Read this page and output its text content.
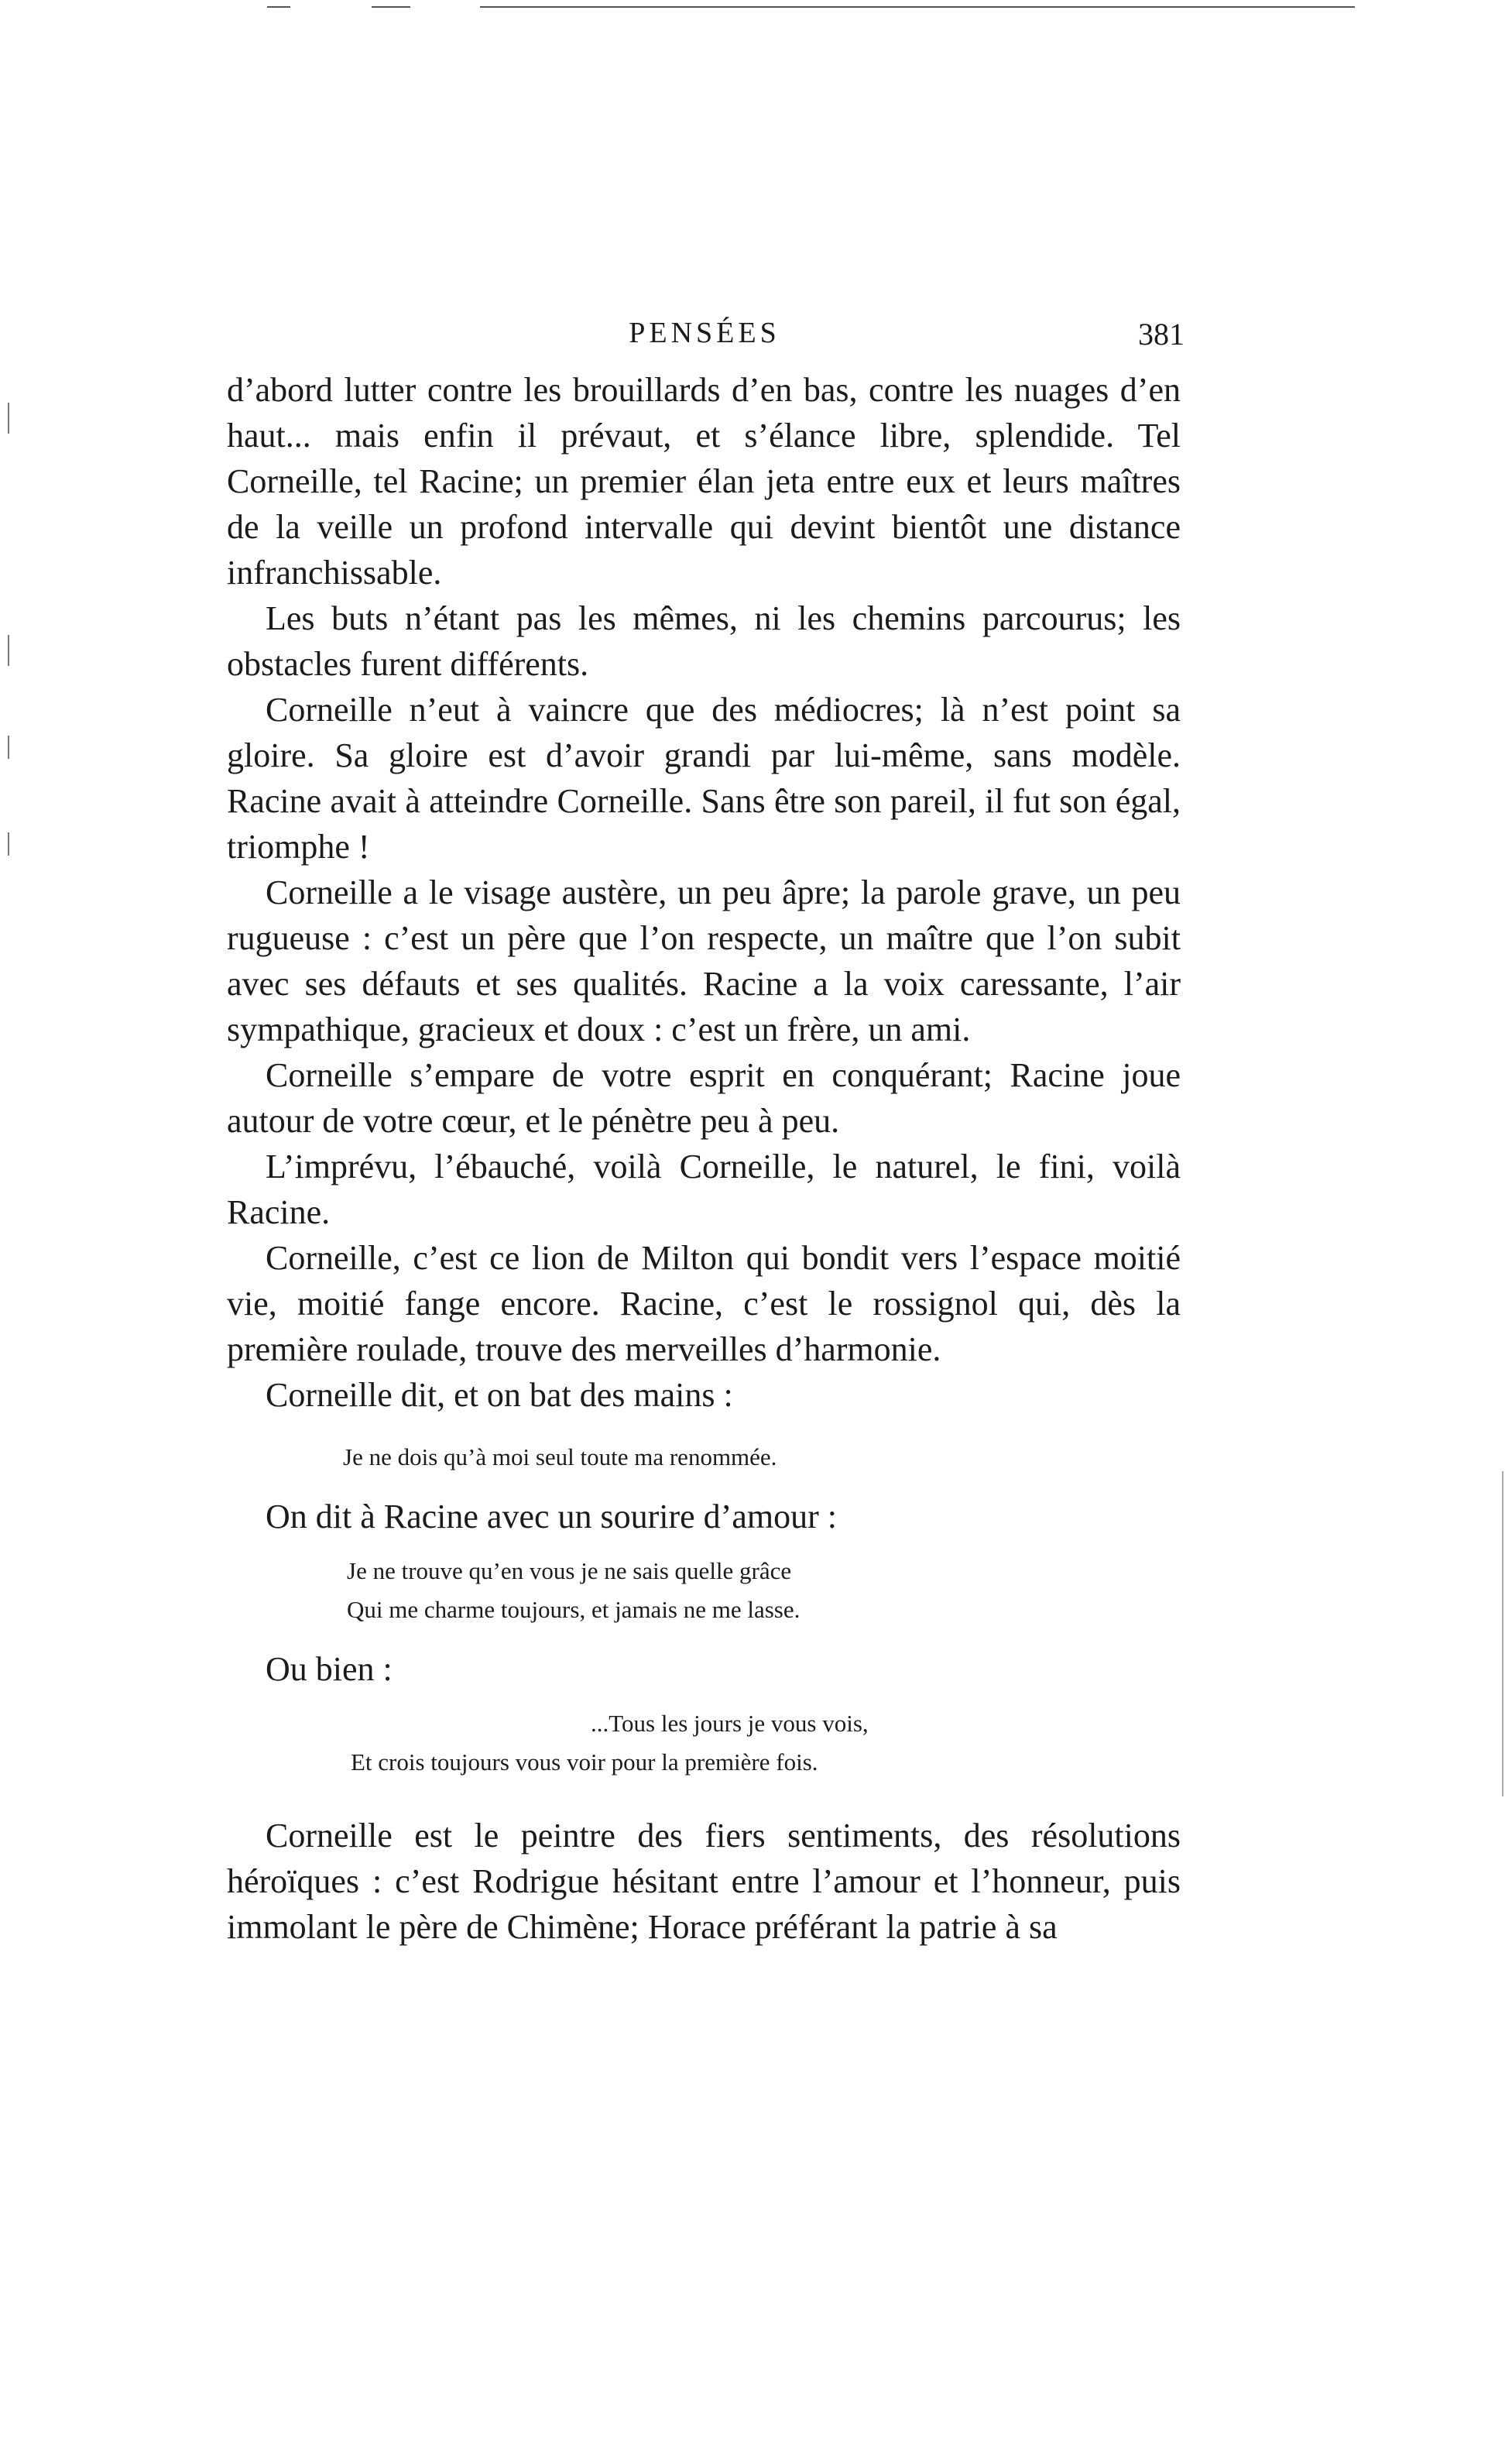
PENSÉES	381

d’abord lutter contre les brouillards d’en bas, contre les nuages d’en haut... mais enfin il prévaut, et s’élance libre, splendide. Tel Corneille, tel Racine; un premier élan jeta entre eux et leurs maîtres de la veille un profond intervalle qui devint bientôt une distance infranchissable.

Les buts n’étant pas les mêmes, ni les chemins parcourus; les obstacles furent différents.

Corneille n’eut à vaincre que des médiocres; là n’est point sa gloire. Sa gloire est d’avoir grandi par lui-même, sans modèle. Racine avait à atteindre Corneille. Sans être son pareil, il fut son égal, triomphe !

Corneille a le visage austère, un peu âpre; la parole grave, un peu rugueuse : c’est un père que l’on respecte, un maître que l’on subit avec ses défauts et ses qualités. Racine a la voix caressante, l’air sympathique, gracieux et doux : c’est un frère, un ami.

Corneille s’empare de votre esprit en conquérant; Racine joue autour de votre cœur, et le pénètre peu à peu.

L’imprévu, l’ébauché, voilà Corneille, le naturel, le fini, voilà Racine.

Corneille, c’est ce lion de Milton qui bondit vers l’espace moitié vie, moitié fange encore. Racine, c’est le rossignol qui, dès la première roulade, trouve des merveilles d’harmonie.

Corneille dit, et on bat des mains :

Je ne dois qu’à moi seul toute ma renommée.

On dit à Racine avec un sourire d’amour :

Je ne trouve qu’en vous je ne sais quelle grâce
Qui me charme toujours, et jamais ne me lasse.

Ou bien :

...Tous les jours je vous vois,
Et crois toujours vous voir pour la première fois.

Corneille est le peintre des fiers sentiments, des résolutions héroïques : c’est Rodrigue hésitant entre l’amour et l’honneur, puis immolant le père de Chimène; Horace préférant la patrie à sa
